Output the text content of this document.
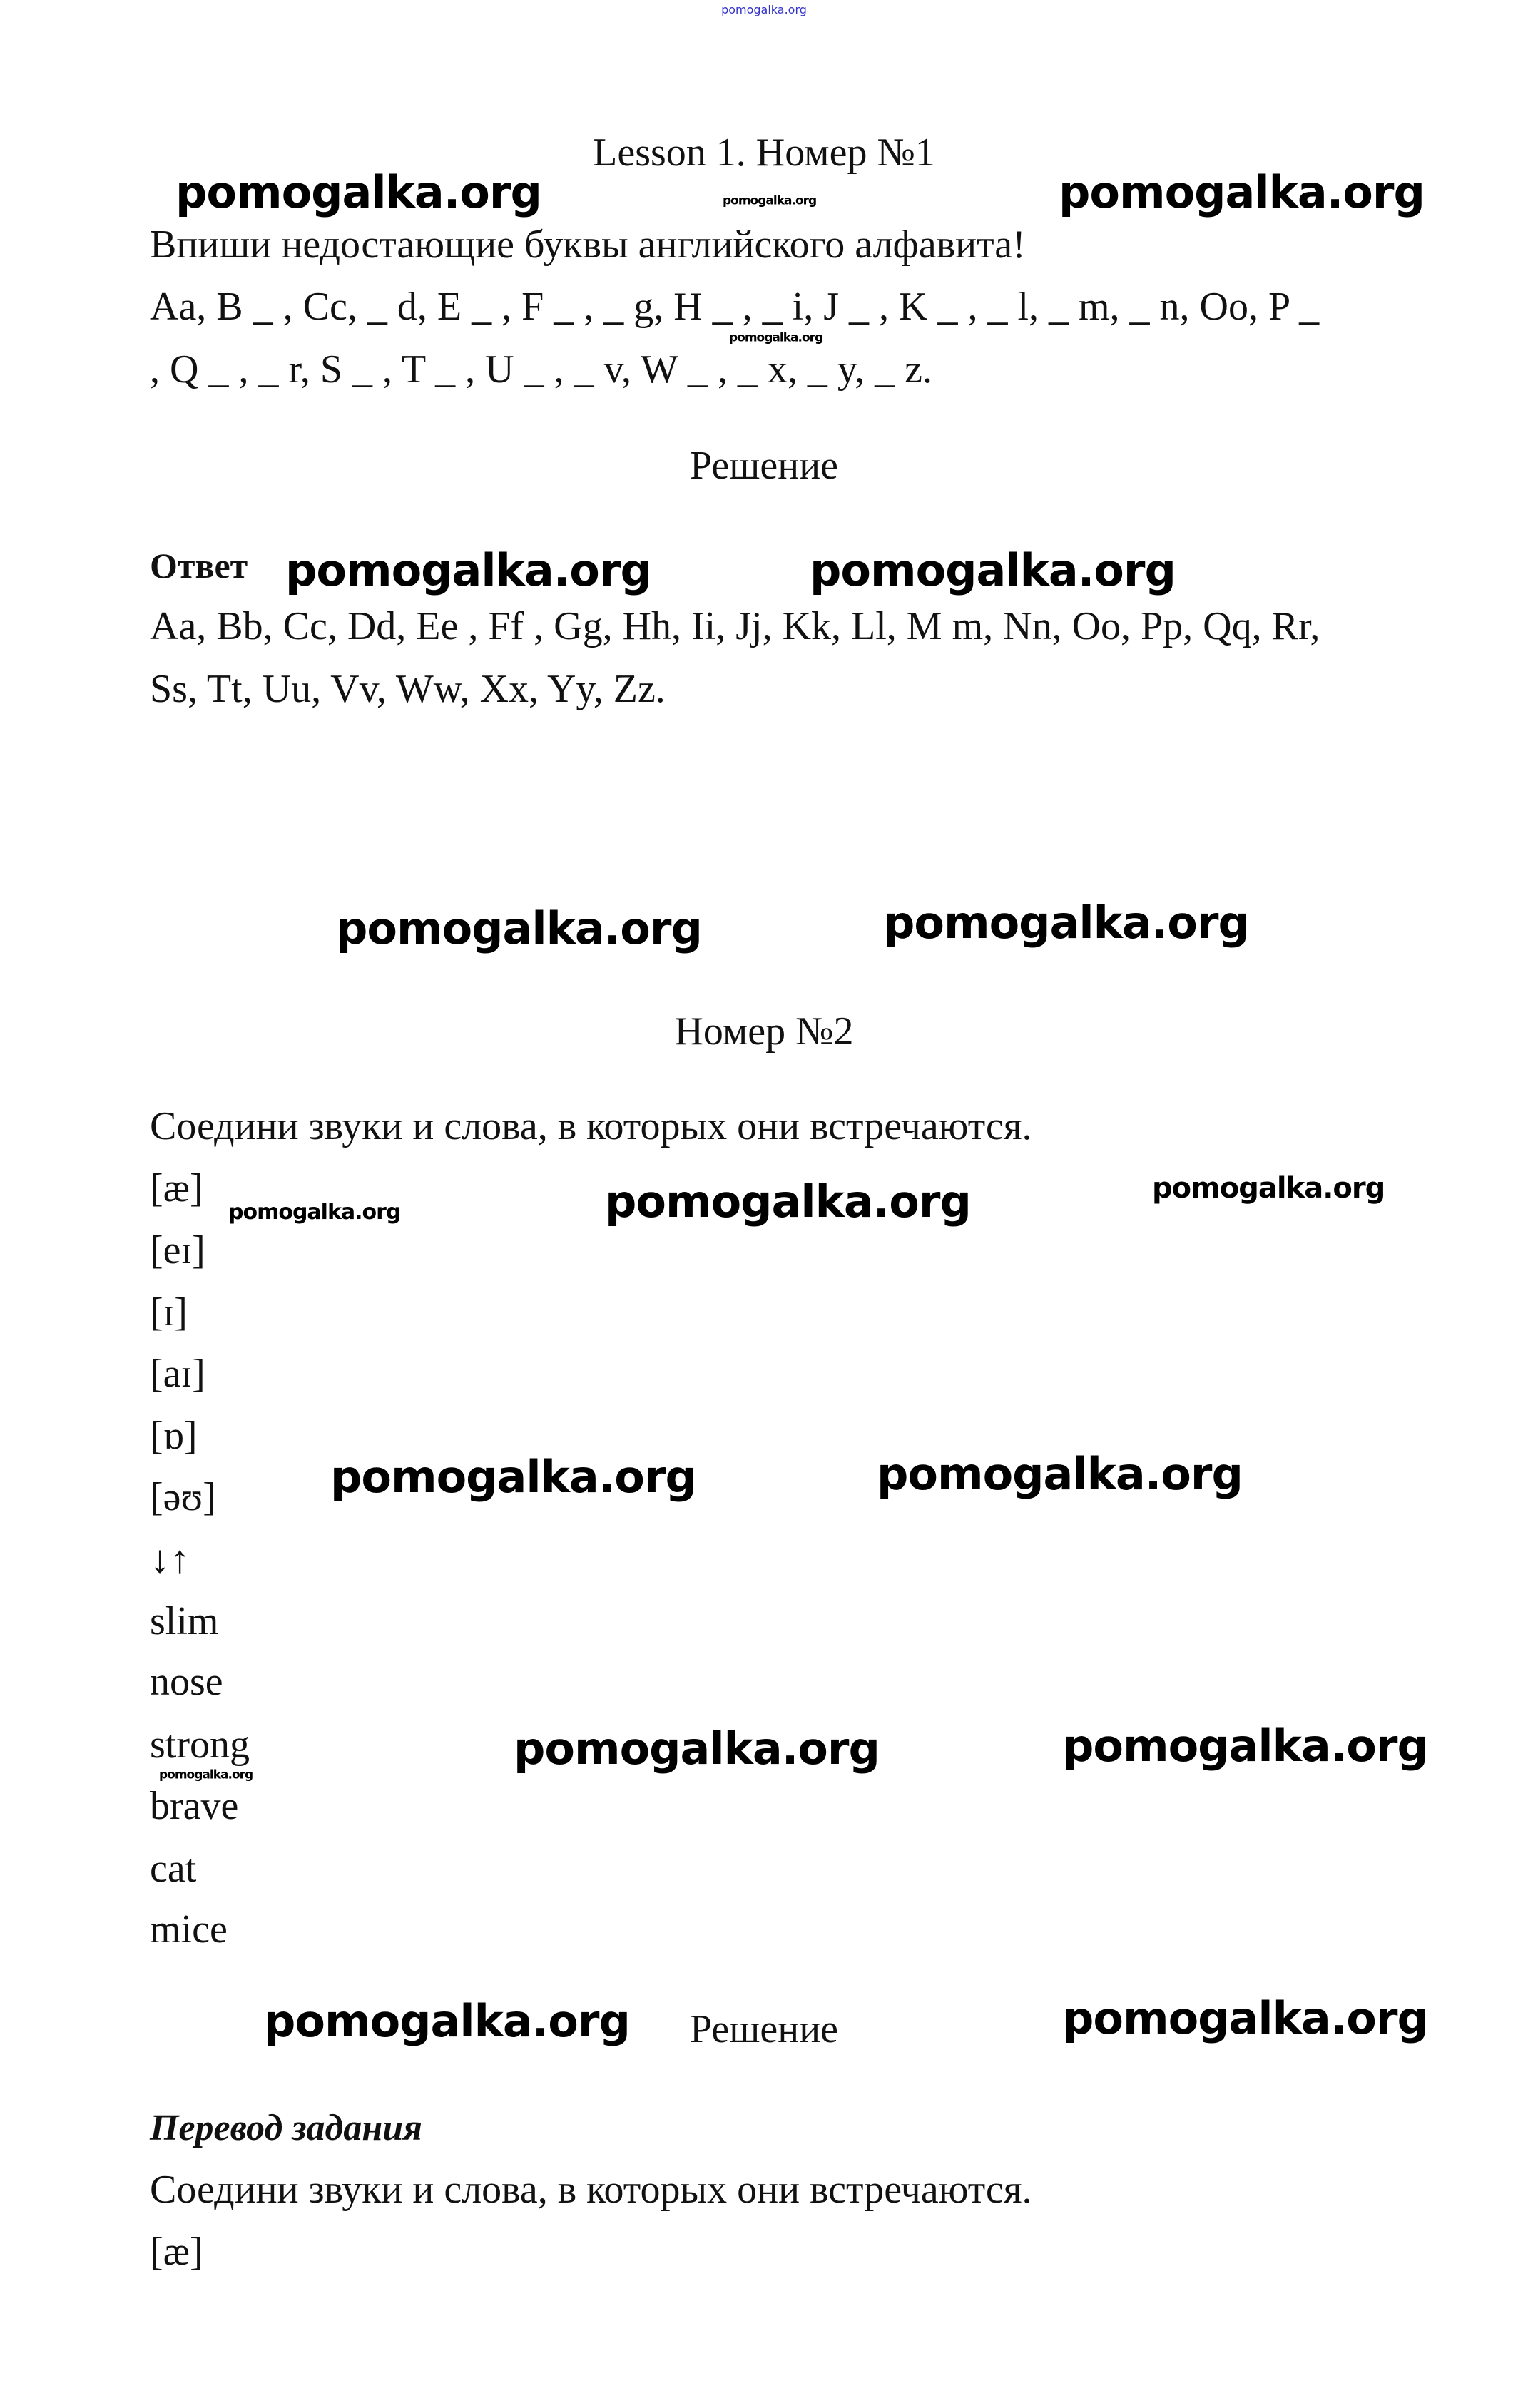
pomogalka.org
Lesson 1. Номер №1
Впиши недостающие буквы английского алфавита!
Aa, B _ , Cc, _ d, E _ , F _ , _ g, H _ , _ i, J _ , K _ , _ l, _ m, _ n, Oo, P _
, Q _ , _ r, S _ , T _ , U _ , _ v, W _ , _ x, _ y, _ z.
Решение
Ответ
Aa, Bb, Cc, Dd, Ee , Ff , Gg, Hh, Ii, Jj, Kk, Ll, M m, Nn, Oo, Pp, Qq, Rr,
Ss, Tt, Uu, Vv, Ww, Xx, Yy, Zz.
Номер №2
Соедини звуки и слова, в которых они встречаются.
[æ]
[eɪ]
[ɪ]
[aɪ]
[ɒ]
[əʊ]
↓↑
slim
nose
strong
brave
cat
mice
Решение
Перевод задания
Соедини звуки и слова, в которых они встречаются.
[æ]
pomogalka.org	pomogalka.org	pomogalka.org
pomogalka.org
pomogalka.org	pomogalka.org
pomogalka.org	pomogalka.org
pomogalka.org	pomogalka.org	pomogalka.org
pomogalka.org	pomogalka.org
pomogalka.org
pomogalka.org	pomogalka.org
pomogalka.org	pomogalka.org
